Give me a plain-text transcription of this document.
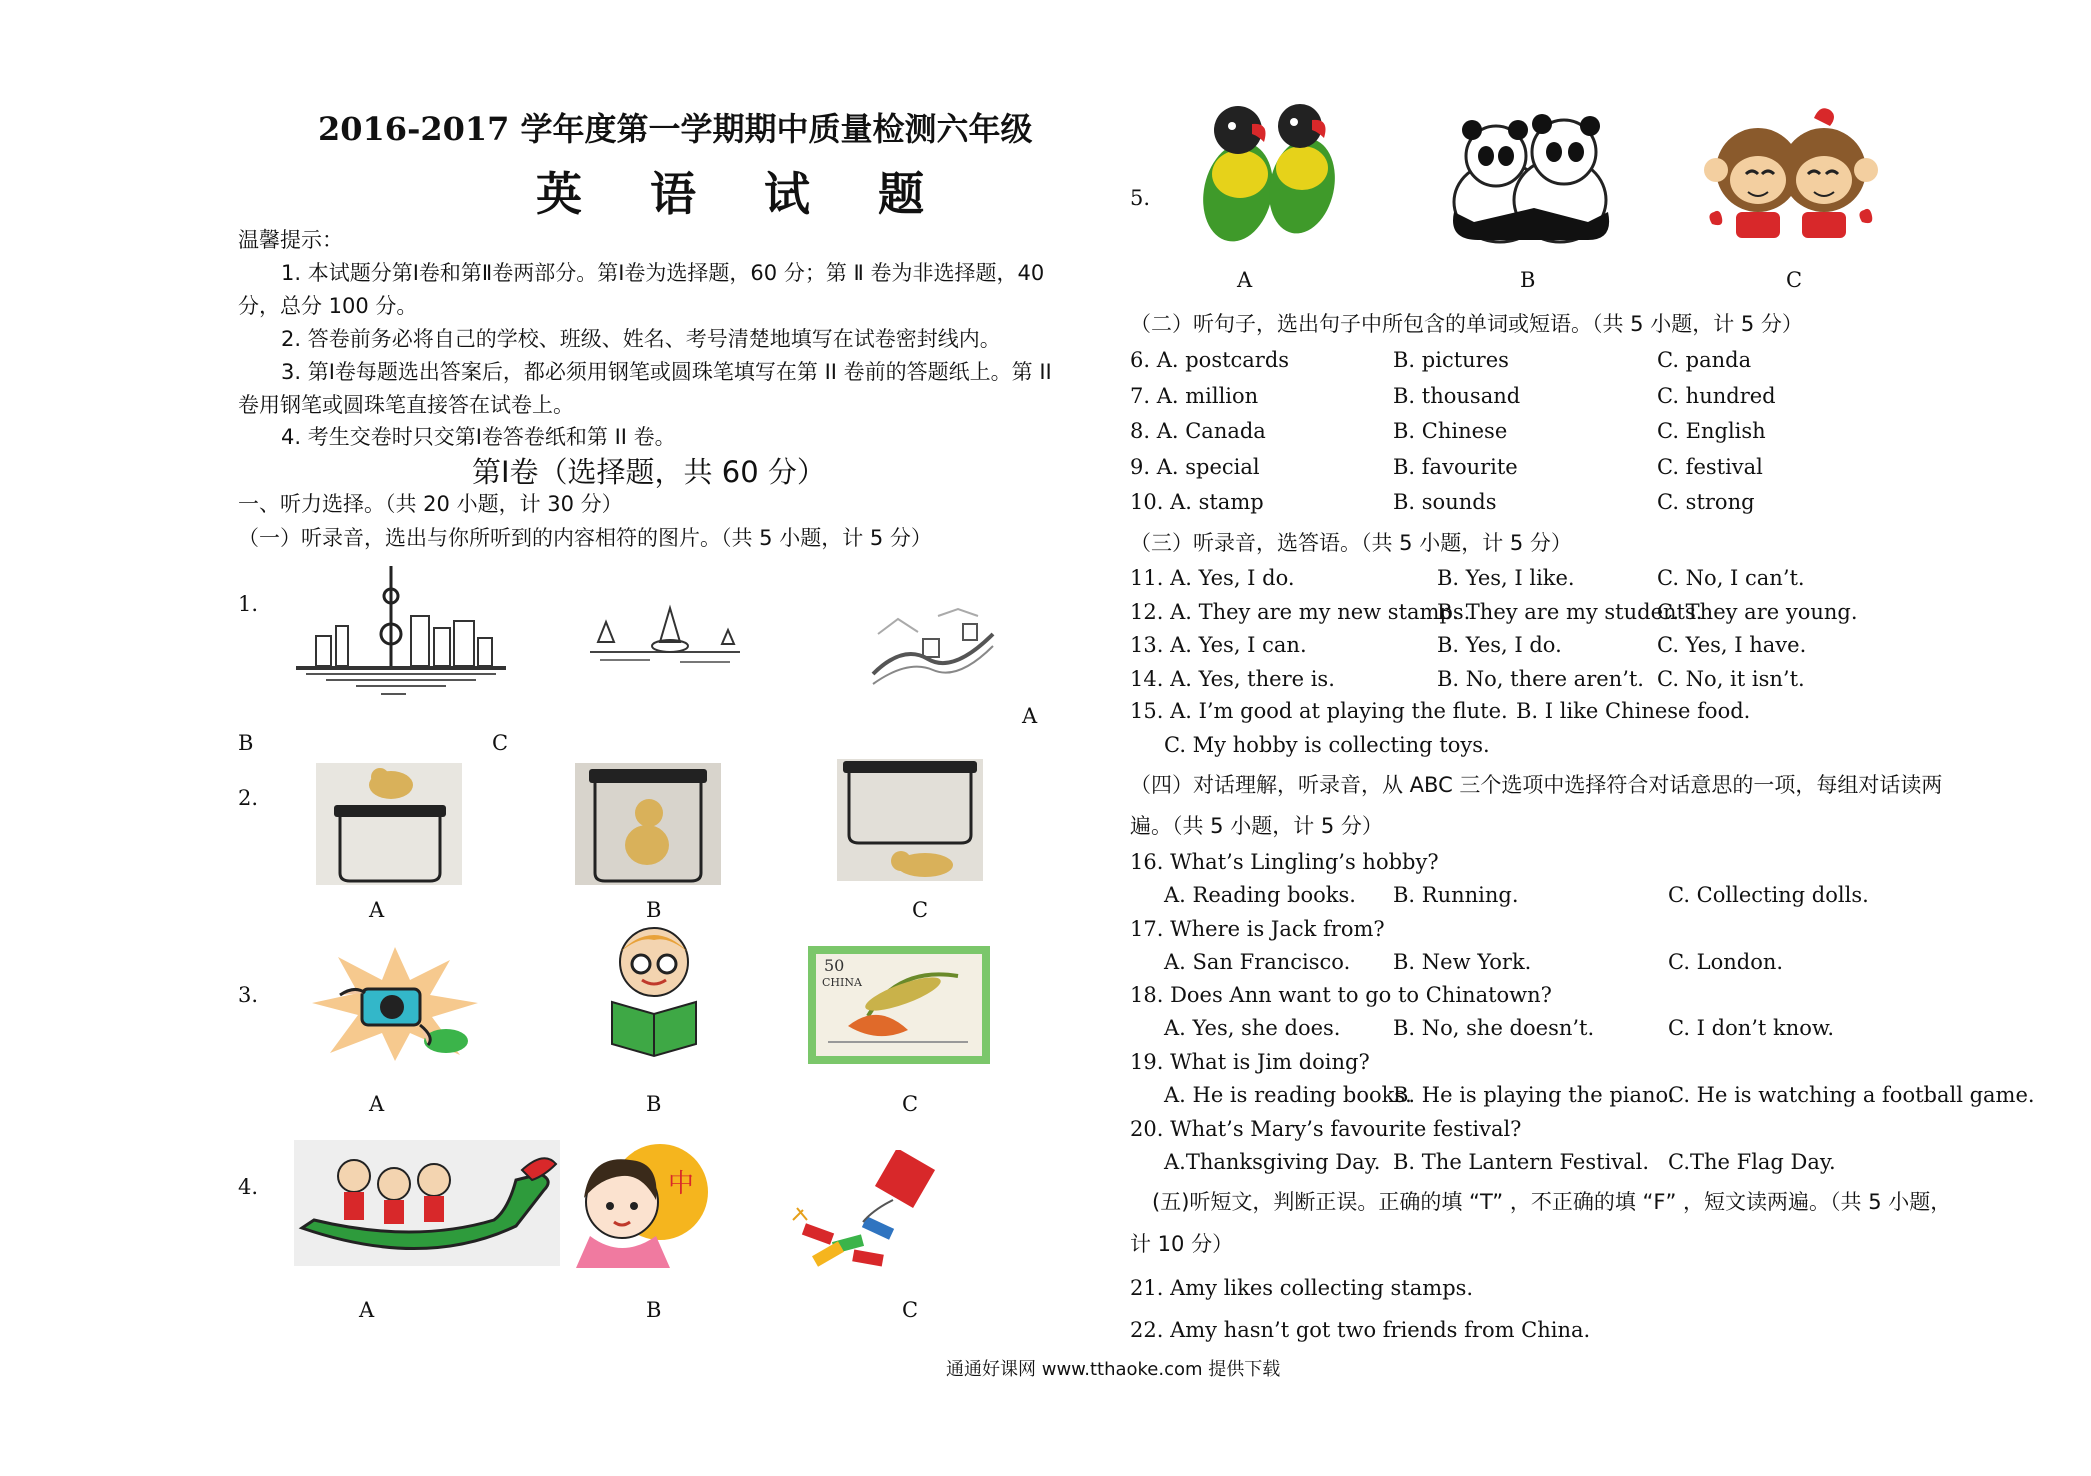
2016-2017 学年度第一学期期中质量检测六年级
英 语 试 题
温馨提示：
1. 本试题分第Ⅰ卷和第Ⅱ卷两部分。第Ⅰ卷为选择题，60 分；第 Ⅱ 卷为非选择题，40
分，总分 100 分。
2. 答卷前务必将自己的学校、班级、姓名、考号清楚地填写在试卷密封线内。
3. 第Ⅰ卷每题选出答案后，都必须用钢笔或圆珠笔填写在第 II 卷前的答题纸上。第 II
卷用钢笔或圆珠笔直接答在试卷上。
4. 考生交卷时只交第Ⅰ卷答卷纸和第 II 卷。
第Ⅰ卷（选择题，共 60 分）
一、听力选择。（共 20 小题，计 30 分）
（一）听录音，选出与你所听到的内容相符的图片。（共 5 小题，计 5 分）
1.
A
B	C
2.
A	B	C
3.
50
CHINA
A	B	C
4.	中
A	B	C
5.
A	B	C
（二）听句子，选出句子中所包含的单词或短语。（共 5 小题，计 5 分）
6. A. postcards	B. pictures	C. panda
7. A. million	B. thousand	C. hundred
8. A. Canada	B. Chinese	C. English
9. A. special	B. favourite	C. festival
10. A. stamp	B. sounds	C. strong
（三）听录音，选答语。（共 5 小题，计 5 分）
11. A. Yes, I do.	B. Yes, I like.	C. No, I can’t.
12. A. They are my new stamps.
B. They are my students.
C. They are young.
13. A. Yes, I can.	B. Yes, I do.	C. Yes, I have.
14. A. Yes, there is.	B. No, there aren’t. C. No, it isn’t.
15. A. I’m good at playing the flute. B. I like Chinese food.
C. My hobby is collecting toys.
（四）对话理解，听录音，从 ABC 三个选项中选择符合对话意思的一项，每组对话读两
遍。（共 5 小题，计 5 分）
16. What’s Lingling’s hobby?
A. Reading books. B. Running.	C. Collecting dolls.
17. Where is Jack from?
A. San Francisco. B. New York.	C. London.
18. Does Ann want to go to Chinatown?
A. Yes, she does.	B. No, she doesn’t.	C. I don’t know.
19. What is Jim doing?
A. He is reading books.
B. He is playing the piano.
C. He is watching a football game.
20. What’s Mary’s favourite festival?
A.Thanksgiving Day. B. The Lantern Festival. C.The Flag Day.
(五)听短文，判断正误。正确的填 “T” ，不正确的填 “F” ，短文读两遍。（共 5 小题，
计 10 分）
21. Amy likes collecting stamps.
22. Amy hasn’t got two friends from China.
通通好课网 www.tthaoke.com 提供下载
